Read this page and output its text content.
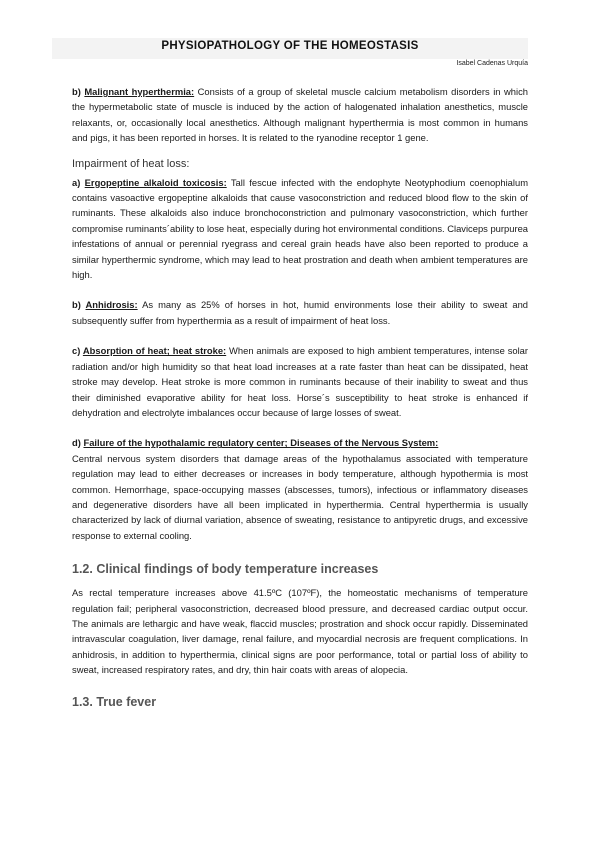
PHYSIOPATHOLOGY OF THE HOMEOSTASIS
Isabel Cadenas Urquía

b) Malignant hyperthermia: Consists of a group of skeletal muscle calcium metabolism disorders in which the hypermetabolic state of muscle is induced by the action of halogenated inhalation anesthetics, muscle relaxants, or, occasionally local anesthetics. Although malignant hyperthermia is most common in humans and pigs, it has been reported in horses. It is related to the ryanodine receptor 1 gene.

Impairment of heat loss:

a) Ergopeptine alkaloid toxicosis: Tall fescue infected with the endophyte Neotyphodium coenophialum contains vasoactive ergopeptine alkaloids that cause vasoconstriction and reduced blood flow to the skin of ruminants. These alkaloids also induce bronchoconstriction and pulmonary vasoconstriction, which further compromise ruminants´ability to lose heat, especially during hot environmental conditions. Claviceps purpurea infestations of annual or perennial ryegrass and cereal grain heads have also been reported to produce a similar hyperthermic syndrome, which may lead to heat prostration and death when ambient temperatures are high.

b) Anhidrosis: As many as 25% of horses in hot, humid environments lose their ability to sweat and subsequently suffer from hyperthermia as a result of impairment of heat loss.

c) Absorption of heat; heat stroke: When animals are exposed to high ambient temperatures, intense solar radiation and/or high humidity so that heat load increases at a rate faster than heat can be dissipated, heat stroke may develop. Heat stroke is more common in ruminants because of their inability to sweat and thus their diminished evaporative ability for heat loss. Horse´s susceptibility to heat stroke is enhanced if dehydration and electrolyte imbalances occur because of large losses of sweat.

d) Failure of the hypothalamic regulatory center; Diseases of the Nervous System:
Central nervous system disorders that damage areas of the hypothalamus associated with temperature regulation may lead to either decreases or increases in body temperature, although hypothermia is most common. Hemorrhage, space-occupying masses (abscesses, tumors), infectious or inflammatory diseases and degenerative disorders have all been implicated in hyperthermia. Central hyperthermia is usually characterized by lack of diurnal variation, absence of sweating, resistance to antipyretic drugs, and excessive response to external cooling.

1.2. Clinical findings of body temperature increases

As rectal temperature increases above 41.5ºC (107ºF), the homeostatic mechanisms of temperature regulation fail; peripheral vasoconstriction, decreased blood pressure, and decreased cardiac output occur. The animals are lethargic and have weak, flaccid muscles; prostration and shock occur rapidly. Disseminated intravascular coagulation, liver damage, renal failure, and myocardial necrosis are frequent complications. In anhidrosis, in addition to hyperthermia, clinical signs are poor performance, total or partial loss of ability to sweat, increased respiratory rates, and dry, thin hair coats with areas of alopecia.

1.3. True fever
